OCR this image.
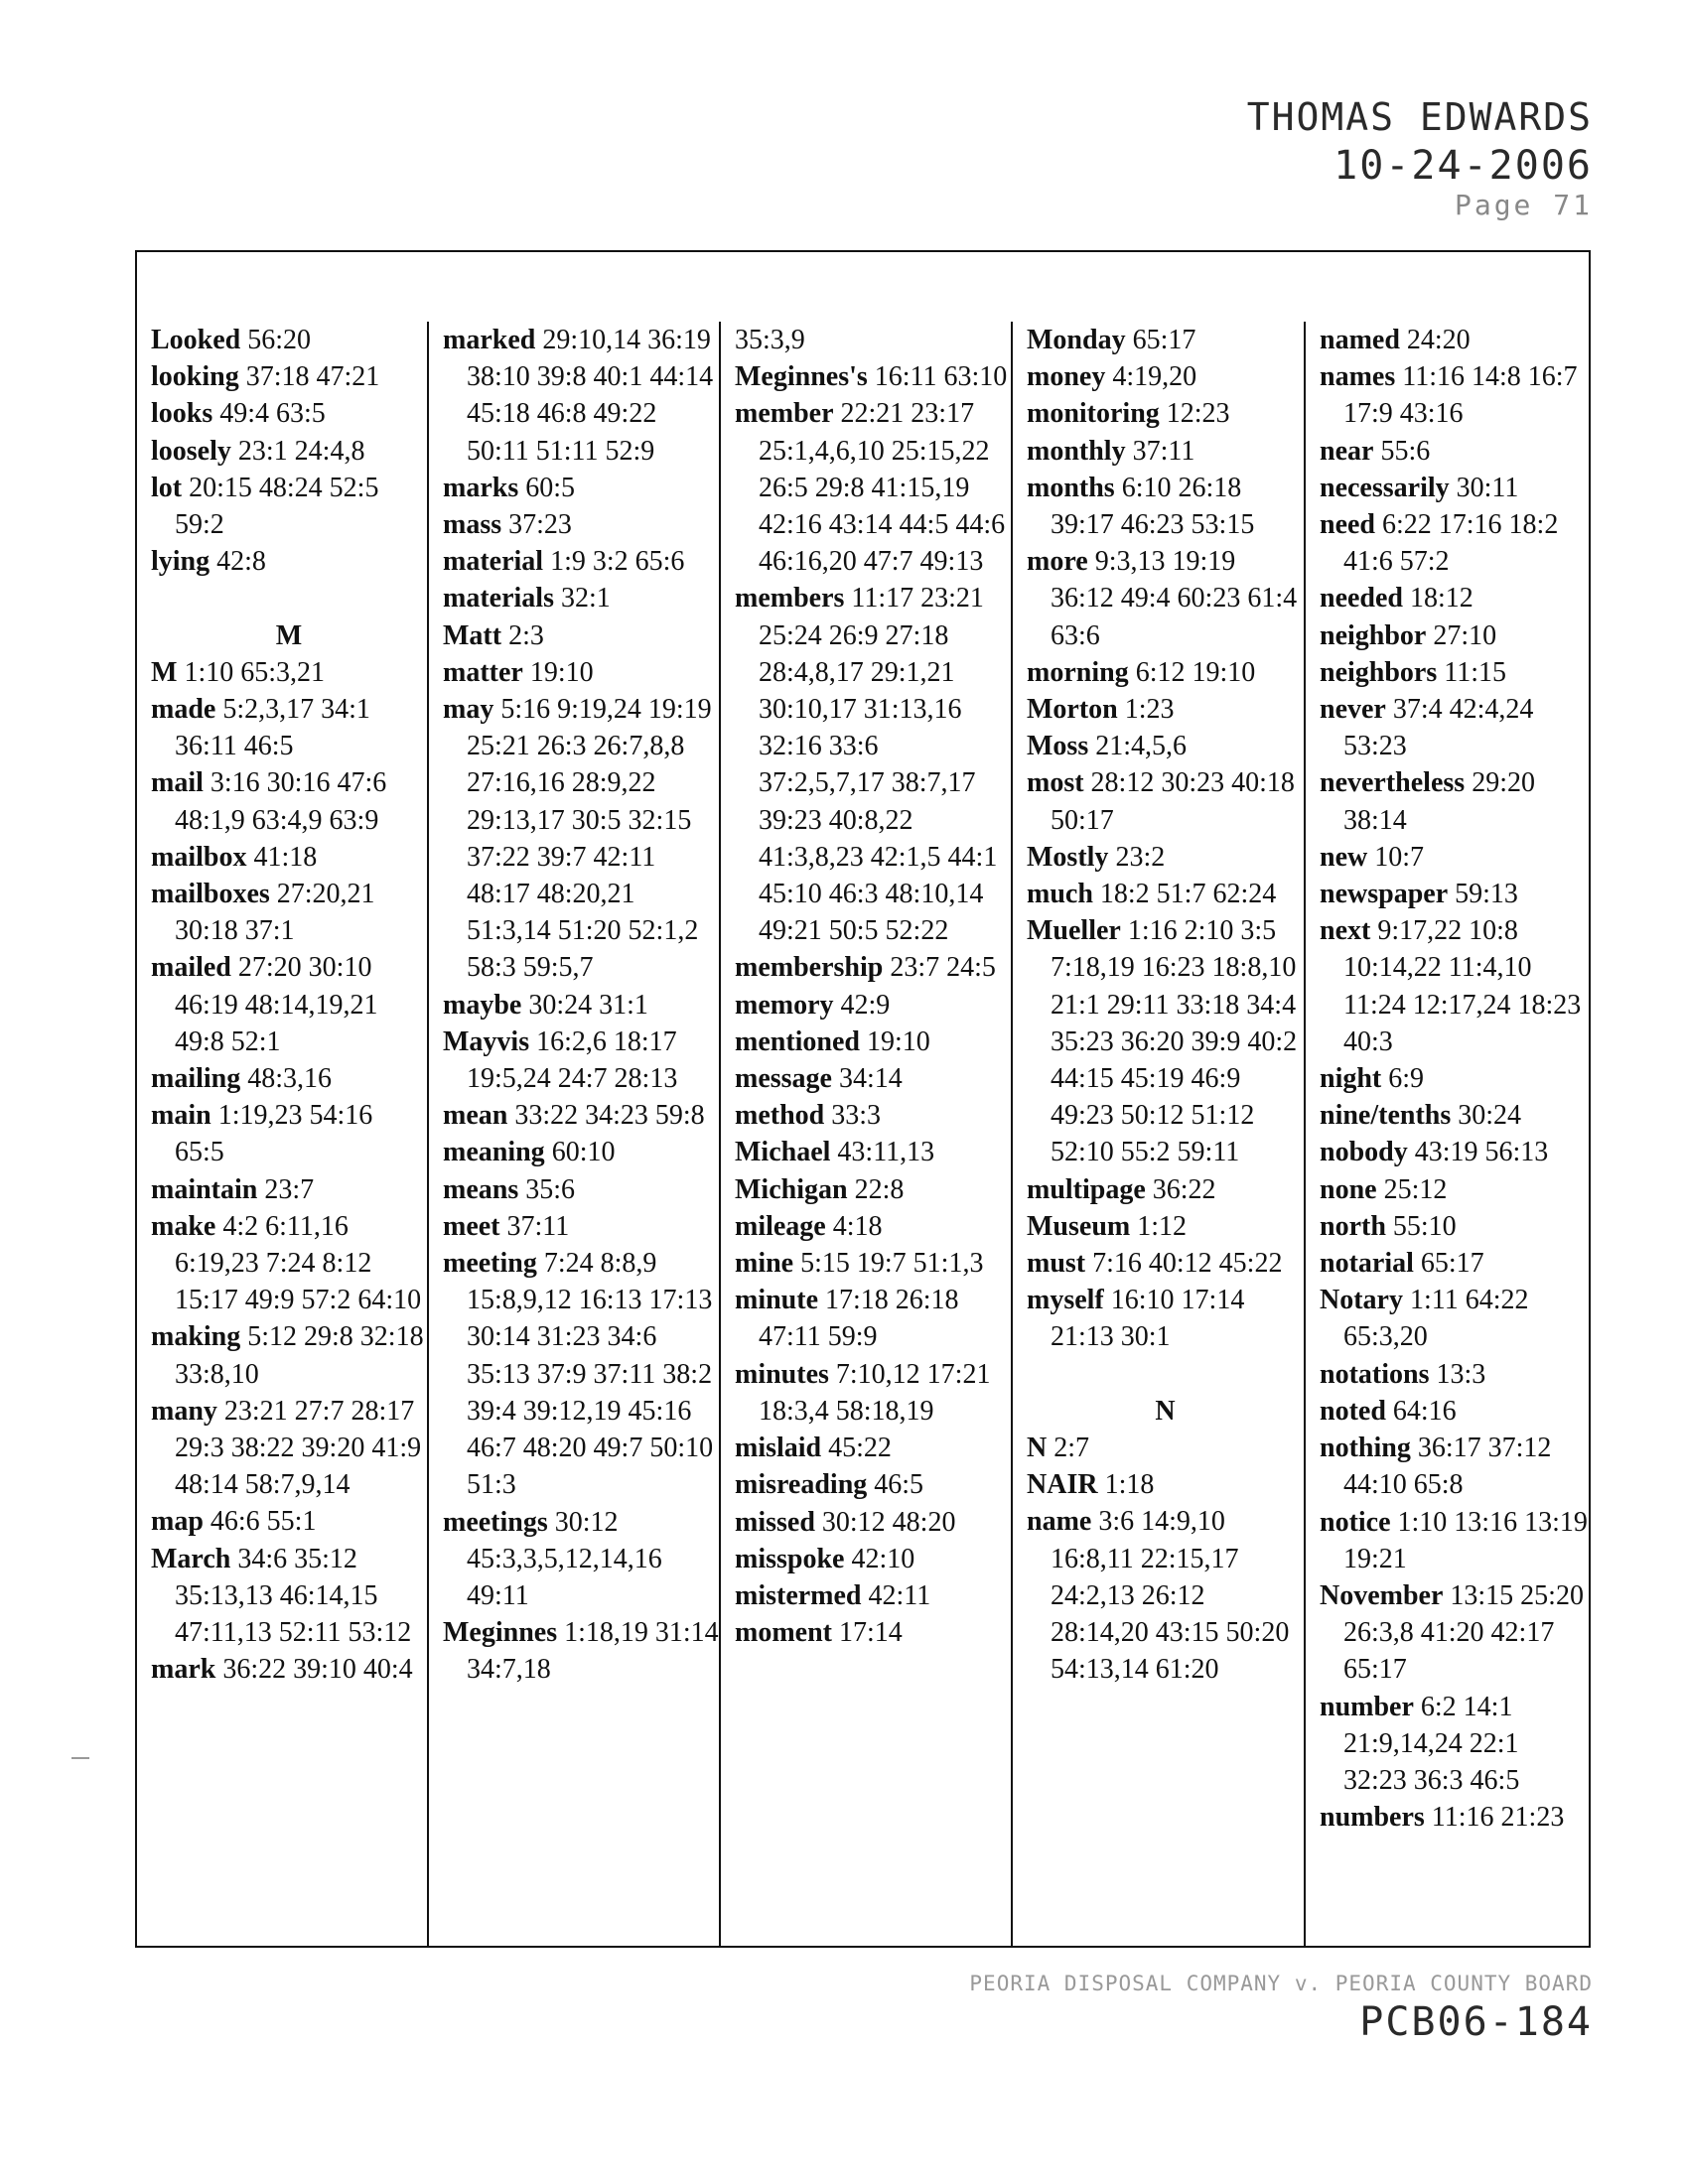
THOMAS EDWARDS
10-24-2006
Page 71
Looked 56:20
looking 37:18 47:21
looks 49:4 63:5
loosely 23:1 24:4,8
lot 20:15 48:24 52:5 59:2
lying 42:8
M
M 1:10 65:3,21
made 5:2,3,17 34:1 36:11 46:5
mail 3:16 30:16 47:6 48:1,9 63:4,9 63:9
mailbox 41:18
mailboxes 27:20,21 30:18 37:1
mailed 27:20 30:10 46:19 48:14,19,21 49:8 52:1
mailing 48:3,16
main 1:19,23 54:16 65:5
maintain 23:7
make 4:2 6:11,16 6:19,23 7:24 8:12 15:17 49:9 57:2 64:10
making 5:12 29:8 32:18 33:8,10
many 23:21 27:7 28:17 29:3 38:22 39:20 41:9 48:14 58:7,9,14
map 46:6 55:1
March 34:6 35:12 35:13,13 46:14,15 47:11,13 52:11 53:12
mark 36:22 39:10 40:4
marked 29:10,14 36:19 38:10 39:8 40:1 44:14 45:18 46:8 49:22 50:11 51:11 52:9
marks 60:5
mass 37:23
material 1:9 3:2 65:6
materials 32:1
Matt 2:3
matter 19:10
may 5:16 9:19,24 19:19 25:21 26:3 26:7,8,8 27:16,16 28:9,22 29:13,17 30:5 32:15 37:22 39:7 42:11 48:17 48:20,21 51:3,14 51:20 52:1,2 58:3 59:5,7
maybe 30:24 31:1
Mayvis 16:2,6 18:17 19:5,24 24:7 28:13
mean 33:22 34:23 59:8
meaning 60:10
means 35:6
meet 37:11
meeting 7:24 8:8,9 15:8,9,12 16:13 17:13 30:14 31:23 34:6 35:13 37:9 37:11 38:2 39:4 39:12,19 45:16 46:7 48:20 49:7 50:10 51:3
meetings 30:12 45:3,3,5,12,14,16 49:11
Meginnes 1:18,19 31:14 34:7,18
35:3,9
Meginnes's 16:11 63:10
member 22:21 23:17 25:1,4,6,10 25:15,22 26:5 29:8 41:15,19 42:16 43:14 44:5 44:6 46:16,20 47:7 49:13
members 11:17 23:21 25:24 26:9 27:18 28:4,8,17 29:1,21 30:10,17 31:13,16 32:16 33:6 37:2,5,7,17 38:7,17 39:23 40:8,22 41:3,8,23 42:1,5 44:1 45:10 46:3 48:10,14 49:21 50:5 52:22
membership 23:7 24:5
memory 42:9
mentioned 19:10
message 34:14
method 33:3
Michael 43:11,13
Michigan 22:8
mileage 4:18
mine 5:15 19:7 51:1,3
minute 17:18 26:18 47:11 59:9
minutes 7:10,12 17:21 18:3,4 58:18,19
mislaid 45:22
misreading 46:5
missed 30:12 48:20
misspoke 42:10
mistermed 42:11
moment 17:14
Monday 65:17
money 4:19,20
monitoring 12:23
monthly 37:11
months 6:10 26:18 39:17 46:23 53:15
more 9:3,13 19:19 36:12 49:4 60:23 61:4 63:6
morning 6:12 19:10
Morton 1:23
Moss 21:4,5,6
most 28:12 30:23 40:18 50:17
Mostly 23:2
much 18:2 51:7 62:24
Mueller 1:16 2:10 3:5 7:18,19 16:23 18:8,10 21:1 29:11 33:18 34:4 35:23 36:20 39:9 40:2 44:15 45:19 46:9 49:23 50:12 51:12 52:10 55:2 59:11
multipage 36:22
Museum 1:12
must 7:16 40:12 45:22
myself 16:10 17:14 21:13 30:1
N
N 2:7
NAIR 1:18
name 3:6 14:9,10 16:8,11 22:15,17 24:2,13 26:12 28:14,20 43:15 50:20 54:13,14 61:20
named 24:20
names 11:16 14:8 16:7 17:9 43:16
near 55:6
necessarily 30:11
need 6:22 17:16 18:2 41:6 57:2
needed 18:12
neighbor 27:10
neighbors 11:15
never 37:4 42:4,24 53:23
nevertheless 29:20 38:14
new 10:7
newspaper 59:13
next 9:17,22 10:8 10:14,22 11:4,10 11:24 12:17,24 18:23 40:3
night 6:9
nine/tenths 30:24
nobody 43:19 56:13
none 25:12
north 55:10
notarial 65:17
Notary 1:11 64:22 65:3,20
notations 13:3
noted 64:16
nothing 36:17 37:12 44:10 65:8
notice 1:10 13:16 13:19 19:21
November 13:15 25:20 26:3,8 41:20 42:17 65:17
number 6:2 14:1 21:9,14,24 22:1 32:23 36:3 46:5
numbers 11:16 21:23
PEORIA DISPOSAL COMPANY v. PEORIA COUNTY BOARD
PCB06-184
